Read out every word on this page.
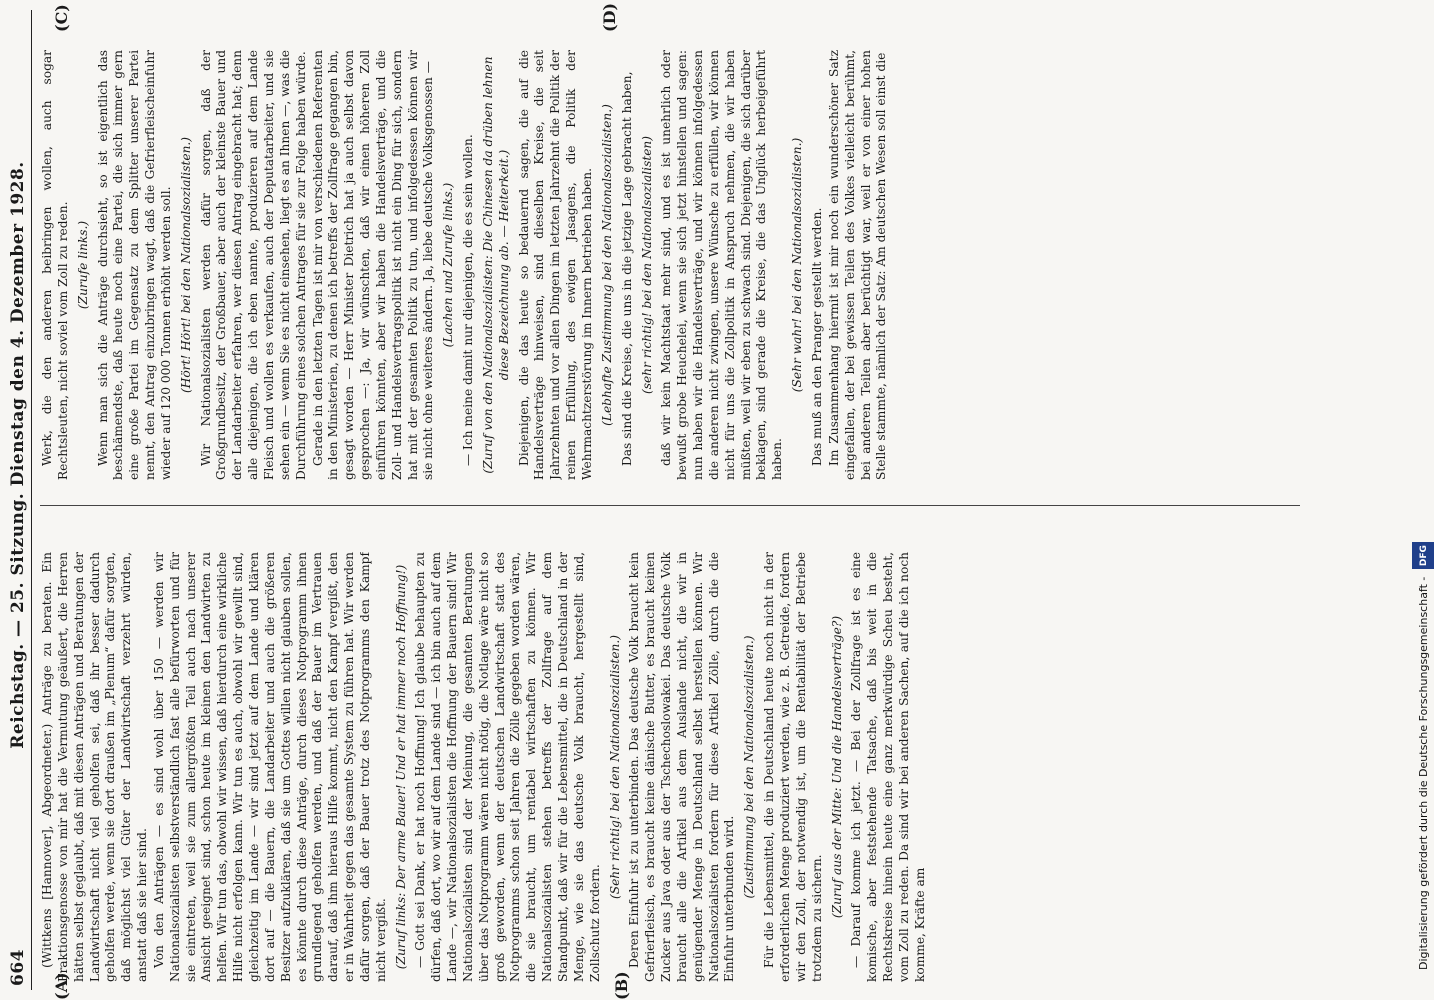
664
Reichstag. — 25. Sitzung. Dienstag den 4. Dezember 1928.
(A)	(B)
(C)	(D)

(Wittkens [Hannover], Abgeordneter.) Anträge zu beraten. Ein Fraktionsgenosse von mir hat die Vermutung geäußert, die Herren hätten selbst geglaubt, daß mit diesen Anträgen und Beratungen der Landwirtschaft nicht viel geholfen sei, daß ihr besser dadurch geholfen werde, wenn sie dort draußen im „Plenum“ dafür sorgten, daß möglichst viel Güter der Landwirtschaft verzehrt würden, anstatt daß sie hier sind. Von den Anträgen — es sind wohl über 150 — werden wir Nationalsozialisten selbstverständlich fast alle befürworten und für sie eintreten, weil sie zum allergrößten Teil auch nach unserer Ansicht geeignet sind, schon heute im kleinen den Landwirten zu helfen. Wir tun das, obwohl wir wissen, daß hierdurch eine wirkliche Hilfe nicht erfolgen kann. Wir tun es auch, obwohl wir gewillt sind, gleichzeitig im Lande — wir sind jetzt auf dem Lande und klären dort auf — die Bauern, die Landarbeiter und auch die größeren Besitzer aufzuklären, daß sie um Gottes willen nicht glauben sollen, es könnte durch diese Anträge, durch dieses Notprogramm ihnen grundlegend geholfen werden, und daß der Bauer im Vertrauen darauf, daß ihm hieraus Hilfe kommt, nicht den Kampf vergißt, den er in Wahrheit gegen das gesamte System zu führen hat. Wir werden dafür sorgen, daß der Bauer trotz des Notprogramms den Kampf nicht vergißt. (Zuruf links: Der arme Bauer! Und er hat immer noch Hoffnung!) — Gott sei Dank, er hat noch Hoffnung! Ich glaube behaupten zu dürfen, daß dort, wo wir auf dem Lande sind — ich bin auch auf dem Lande —, wir Nationalsozialisten die Hoffnung der Bauern sind! Wir Nationalsozialisten sind der Meinung, die gesamten Beratungen über das Notprogramm wären nicht nötig, die Notlage wäre nicht so groß geworden, wenn der deutschen Landwirtschaft statt des Notprogramms schon seit Jahren die Zölle gegeben worden wären, die sie braucht, um rentabel wirtschaften zu können. Wir Nationalsozialisten stehen betreffs der Zollfrage auf dem Standpunkt, daß wir für die Lebensmittel, die in Deutschland in der Menge, wie sie das deutsche Volk braucht, hergestellt sind, Zollschutz fordern.

(Sehr richtig! bei den Nationalsozialisten.) Deren Einfuhr ist zu unterbinden. Das deutsche Volk braucht kein Gefrierfleisch, es braucht keine dänische Butter, es braucht keinen Zucker aus Java oder aus der Tschechoslowakei. Das deutsche Volk braucht alle die Artikel aus dem Auslande nicht, die wir in genügender Menge in Deutschland selbst herstellen können. Wir Nationalsozialisten fordern für diese Artikel Zölle, durch die die Einfuhr unterbunden wird.

(Zustimmung bei den Nationalsozialisten.) Für die Lebensmittel, die in Deutschland heute noch nicht in der erforderlichen Menge produziert werden, wie z. B. Getreide, fordern wir den Zoll, der notwendig ist, um die Rentabilität der Betriebe trotzdem zu sichern.

(Zuruf aus der Mitte: Und die Handelsverträge?) — Darauf komme ich jetzt. — Bei der Zollfrage ist es eine komische, aber feststehende Tatsache, daß bis weit in die Rechtskreise hinein heute eine ganz merkwürdige Scheu besteht, vom Zoll zu reden. Da sind wir bei anderen Sachen, auf die ich noch komme, Kräfte am

Werk, die den anderen beibringen wollen, auch sogar Rechtsleuten, nicht soviel vom Zoll zu reden. (Zurufe links.) Wenn man sich die Anträge durchsieht, so ist eigentlich das beschämendste, daß heute noch eine Partei, die sich immer gern eine große Partei im Gegensatz zu dem Splitter unserer Partei nennt, den Antrag einzubringen wagt, daß die Gefrierfleischeinfuhr wieder auf 120 000 Tonnen erhöht werden soll. (Hört! Hört! bei den Nationalsozialisten.) Wir Nationalsozialisten werden dafür sorgen, daß der Großgrundbesitz, der Großbauer, aber auch der kleinste Bauer und der Landarbeiter erfahren, wer diesen Antrag eingebracht hat; denn alle diejenigen, die ich eben nannte, produzieren auf dem Lande Fleisch und wollen es verkaufen, auch der Deputatarbeiter, und sie sehen ein — wenn Sie es nicht einsehen, liegt es an Ihnen —, was die Durchführung eines solchen Antrages für sie zur Folge haben würde. Gerade in den letzten Tagen ist mir von verschiedenen Referenten in den Ministerien, zu denen ich betreffs der Zollfrage gegangen bin, gesagt worden — Herr Minister Dietrich hat ja auch selbst davon gesprochen —: Ja, wir wünschten, daß wir einen höheren Zoll einführen könnten, aber wir haben die Handelsverträge, und die Zoll- und Handelsvertragspolitik ist nicht ein Ding für sich, sondern hat mit der gesamten Politik zu tun, und infolgedessen können wir sie nicht ohne weiteres ändern. Ja, liebe deutsche Volksgenossen — (Lachen und Zurufe links.) — Ich meine damit nur diejenigen, die es sein wollen. (Zuruf von den Nationalsozialisten: Die Chinesen da drüben lehnen diese Bezeichnung ab. — Heiterkeit.) Diejenigen, die das heute so bedauernd sagen, die auf die Handelsverträge hinweisen, sind dieselben Kreise, die seit Jahrzehnten und vor allen Dingen im letzten Jahrzehnt die Politik der reinen Erfüllung, des ewigen Jasagens, die Politik der Wehrmachtzerstörung im Innern betrieben haben. (Lebhafte Zustimmung bei den Nationalsozialisten.) Das sind die Kreise, die uns in die jetzige Lage gebracht haben, (sehr richtig! bei den Nationalsozialisten) daß wir kein Machtstaat mehr sind, und es ist unehrlich oder bewußt grobe Heuchelei, wenn sie sich jetzt hinstellen und sagen: nun haben wir die Handelsverträge, und wir können infolgedessen die anderen nicht zwingen, unsere Wünsche zu erfüllen, wir können nicht für uns die Zollpolitik in Anspruch nehmen, die wir haben müßten, weil wir eben zu schwach sind. Diejenigen, die sich darüber beklagen, sind gerade die Kreise, die das Unglück herbeigeführt haben.

(Sehr wahr! bei den Nationalsozialisten.) Das muß an den Pranger gestellt werden. Im Zusammenhang hiermit ist mir noch ein wunderschöner Satz eingefallen, der bei gewissen Teilen des Volkes vielleicht berühmt, bei anderen Teilen aber berüchtigt war, weil er von einer hohen Stelle stammte, nämlich der Satz: Am deutschen Wesen soll einst die

Digitalisierung gefördert durch die Deutsche Forschungsgemeinschaft - DFG
